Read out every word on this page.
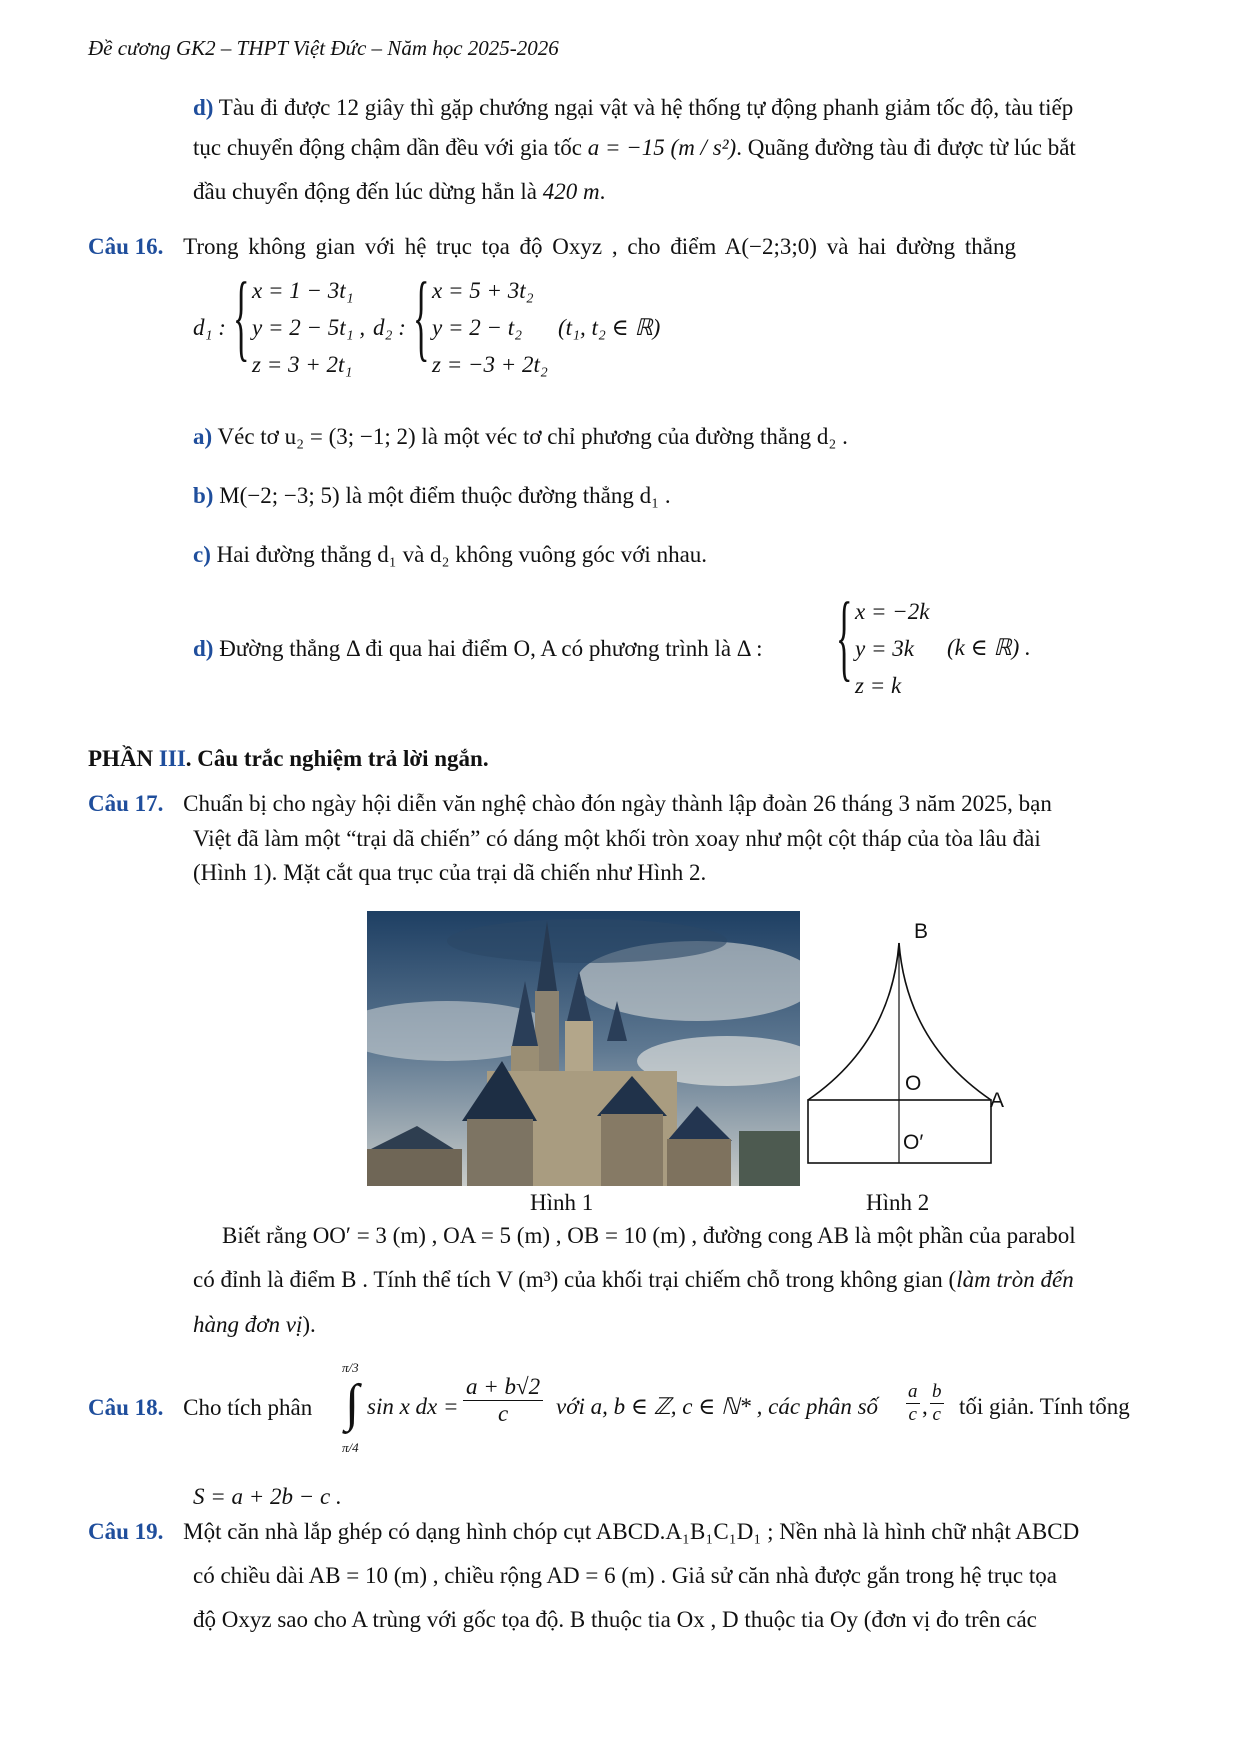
Đề cương GK2 – THPT Việt Đức – Năm học 2025-2026
d) Tàu đi được 12 giây thì gặp chướng ngại vật và hệ thống tự động phanh giảm tốc độ, tàu tiếp
tục chuyển động chậm dần đều với gia tốc a = −15 (m / s²). Quãng đường tàu đi được từ lúc bắt
đầu chuyển động đến lúc dừng hẳn là 420 m.
Câu 16. Trong không gian với hệ trục tọa độ Oxyz , cho điểm A(−2;3;0) và hai đường thẳng
d₁ : { x = 1 − 3t₁
y = 2 − 5t₁ ,
z = 3 + 2t₁
d₂ : { x = 5 + 3t₂
y = 2 − t₂
z = −3 + 2t₂
(t₁, t₂ ∈ ℝ)
a) Véc tơ u₂ = (3; −1; 2) là một véc tơ chỉ phương của đường thẳng d₂ .
b) M(−2; −3; 5) là một điểm thuộc đường thẳng d₁ .
c) Hai đường thẳng d₁ và d₂ không vuông góc với nhau.
d) Đường thẳng Δ đi qua hai điểm O, A có phương trình là Δ : { x = −2k
y = 3k
z = k
(k ∈ ℝ) .
PHẦN III. Câu trắc nghiệm trả lời ngắn.
Câu 17. Chuẩn bị cho ngày hội diễn văn nghệ chào đón ngày thành lập đoàn 26 tháng 3 năm 2025, bạn
Việt đã làm một “trại dã chiến” có dáng một khối tròn xoay như một cột tháp của tòa lâu đài
(Hình 1). Mặt cắt qua trục của trại dã chiến như Hình 2.
Hình 1
B
O
A
O′
Hình 2
Biết rằng OO′ = 3 (m) , OA = 5 (m) , OB = 10 (m) , đường cong AB là một phần của parabol
có đỉnh là điểm B . Tính thể tích V (m³) của khối trại chiếm chỗ trong không gian (làm tròn đến
hàng đơn vị).
Câu 18. Cho tích phân
π/3
∫
π/4
sin x dx = $\frac{a + b√2}{c}$ với a, b ∈ ℤ, c ∈ ℕ* , các phân số $\frac{a}{c}$ , $\frac{b}{c}$ tối giản. Tính tổng
S = a + 2b − c .
Câu 19. Một căn nhà lắp ghép có dạng hình chóp cụt ABCD.A₁B₁C₁D₁ ; Nền nhà là hình chữ nhật ABCD
có chiều dài AB = 10 (m) , chiều rộng AD = 6 (m) . Giả sử căn nhà được gắn trong hệ trục tọa
độ Oxyz sao cho A trùng với gốc tọa độ. B thuộc tia Ox , D thuộc tia Oy (đơn vị đo trên các
